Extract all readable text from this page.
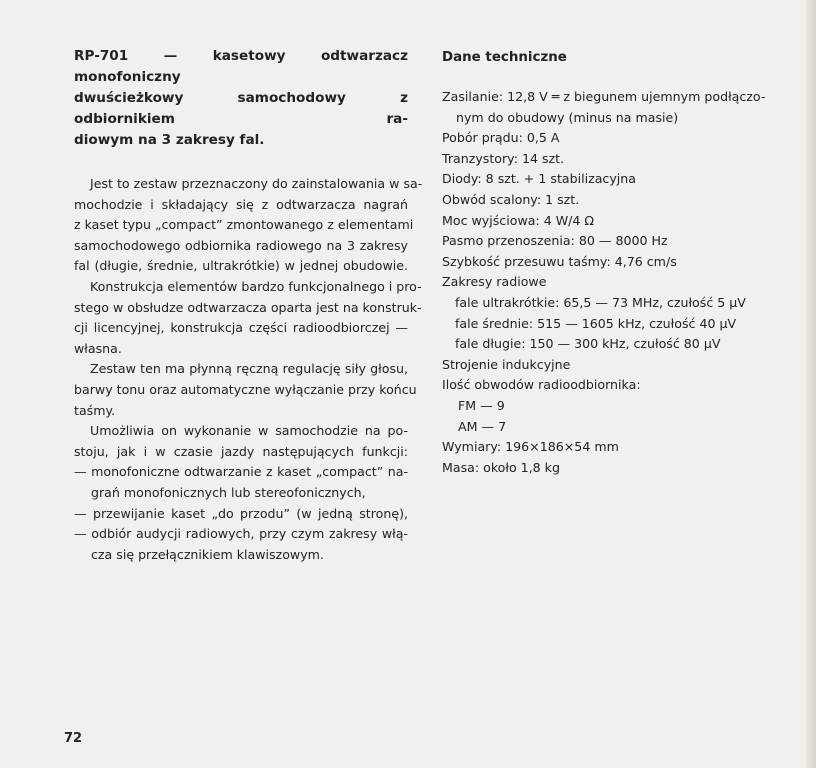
RP-701 — kasetowy odtwarzacz monofoniczny
dwuścieżkowy samochodowy z odbiornikiem ra-
diowym na 3 zakresy fal.
Jest to zestaw przeznaczony do zainstalowania w sa-
mochodzie i składający się z odtwarzacza nagrań
z kaset typu „compact” zmontowanego z elementami
samochodowego odbiornika radiowego na 3 zakresy
fal (długie, średnie, ultrakrótkie) w jednej obudowie.
Konstrukcja elementów bardzo funkcjonalnego i pro-
stego w obsłudze odtwarzacza oparta jest na konstruk-
cji licencyjnej, konstrukcja części radioodbiorczej —
własna.
Zestaw ten ma płynną ręczną regulację siły głosu,
barwy tonu oraz automatyczne wyłączanie przy końcu
taśmy.
Umożliwia on wykonanie w samochodzie na po-
stoju, jak i w czasie jazdy następujących funkcji:
— monofoniczne odtwarzanie z kaset „compact” na-
grań monofonicznych lub stereofonicznych,
— przewijanie kaset „do przodu” (w jedną stronę),
— odbiór audycji radiowych, przy czym zakresy włą-
cza się przełącznikiem klawiszowym.
Dane techniczne
Zasilanie: 12,8 V ═ z biegunem ujemnym podłączo-
nym do obudowy (minus na masie)
Pobór prądu: 0,5 A
Tranzystory: 14 szt.
Diody: 8 szt. + 1 stabilizacyjna
Obwód scalony: 1 szt.
Moc wyjściowa: 4 W/4 Ω
Pasmo przenoszenia: 80 — 8000 Hz
Szybkość przesuwu taśmy: 4,76 cm/s
Zakresy radiowe
fale ultrakrótkie: 65,5 — 73 MHz, czułość 5 μV
fale średnie: 515 — 1605 kHz, czułość 40 μV
fale długie: 150 — 300 kHz, czułość 80 μV
Strojenie indukcyjne
Ilość obwodów radioodbiornika:
FM — 9
AM — 7
Wymiary: 196×186×54 mm
Masa: około 1,8 kg
72
